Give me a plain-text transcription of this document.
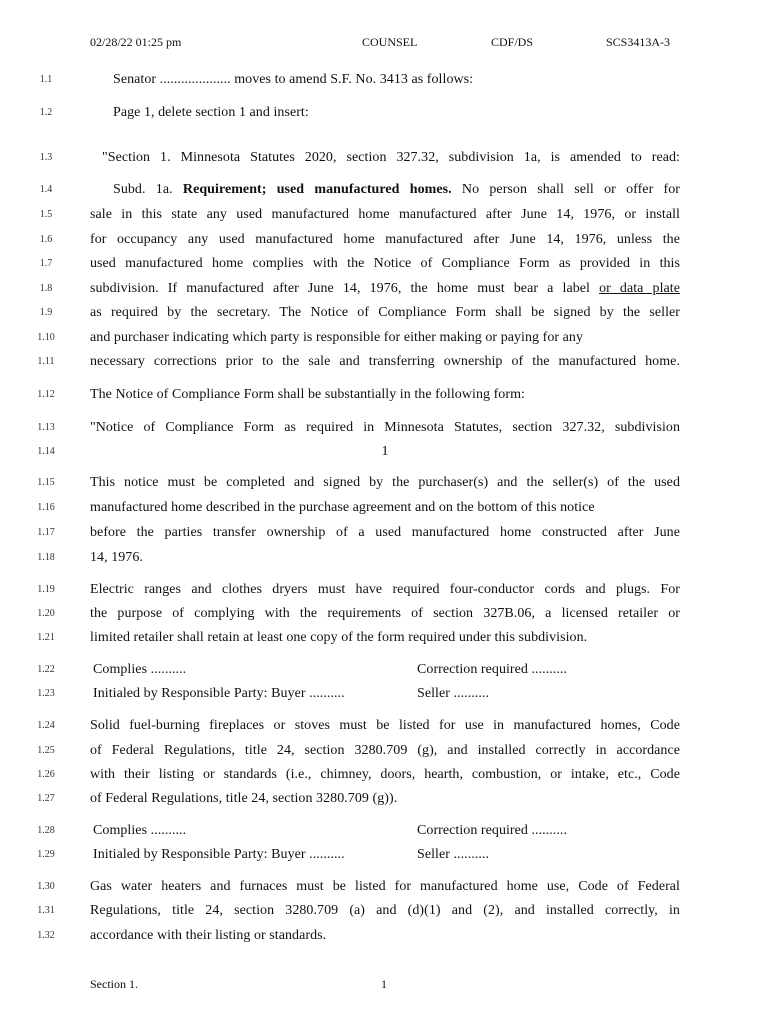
02/28/22 01:25 pm	COUNSEL	CDF/DS	SCS3413A-3
1.1	Senator .................... moves to amend S.F. No. 3413 as follows:
1.2	Page 1, delete section 1 and insert:
1.3	"Section 1. Minnesota Statutes 2020, section 327.32, subdivision 1a, is amended to read:
1.4	Subd. 1a. Requirement; used manufactured homes. No person shall sell or offer for
1.5	sale in this state any used manufactured home manufactured after June 14, 1976, or install
1.6	for occupancy any used manufactured home manufactured after June 14, 1976, unless the
1.7	used manufactured home complies with the Notice of Compliance Form as provided in this
1.8	subdivision. If manufactured after June 14, 1976, the home must bear a label or data plate
1.9	as required by the secretary. The Notice of Compliance Form shall be signed by the seller
1.10	and purchaser indicating which party is responsible for either making or paying for any
1.11	necessary corrections prior to the sale and transferring ownership of the manufactured home.
1.12	The Notice of Compliance Form shall be substantially in the following form:
1.13	"Notice of Compliance Form as required in Minnesota Statutes, section 327.32, subdivision
1.14	1
1.15	This notice must be completed and signed by the purchaser(s) and the seller(s) of the used
1.16	manufactured home described in the purchase agreement and on the bottom of this notice
1.17	before the parties transfer ownership of a used manufactured home constructed after June
1.18	14, 1976.
1.19	Electric ranges and clothes dryers must have required four-conductor cords and plugs. For
1.20	the purpose of complying with the requirements of section 327B.06, a licensed retailer or
1.21	limited retailer shall retain at least one copy of the form required under this subdivision.
1.22	Complies ..........	Correction required ..........
1.23	Initialed by Responsible Party: Buyer ..........	Seller ..........
1.24	Solid fuel-burning fireplaces or stoves must be listed for use in manufactured homes, Code
1.25	of Federal Regulations, title 24, section 3280.709 (g), and installed correctly in accordance
1.26	with their listing or standards (i.e., chimney, doors, hearth, combustion, or intake, etc., Code
1.27	of Federal Regulations, title 24, section 3280.709 (g)).
1.28	Complies ..........	Correction required ..........
1.29	Initialed by Responsible Party: Buyer ..........	Seller ..........
1.30	Gas water heaters and furnaces must be listed for manufactured home use, Code of Federal
1.31	Regulations, title 24, section 3280.709 (a) and (d)(1) and (2), and installed correctly, in
1.32	accordance with their listing or standards.
Section 1.	1
